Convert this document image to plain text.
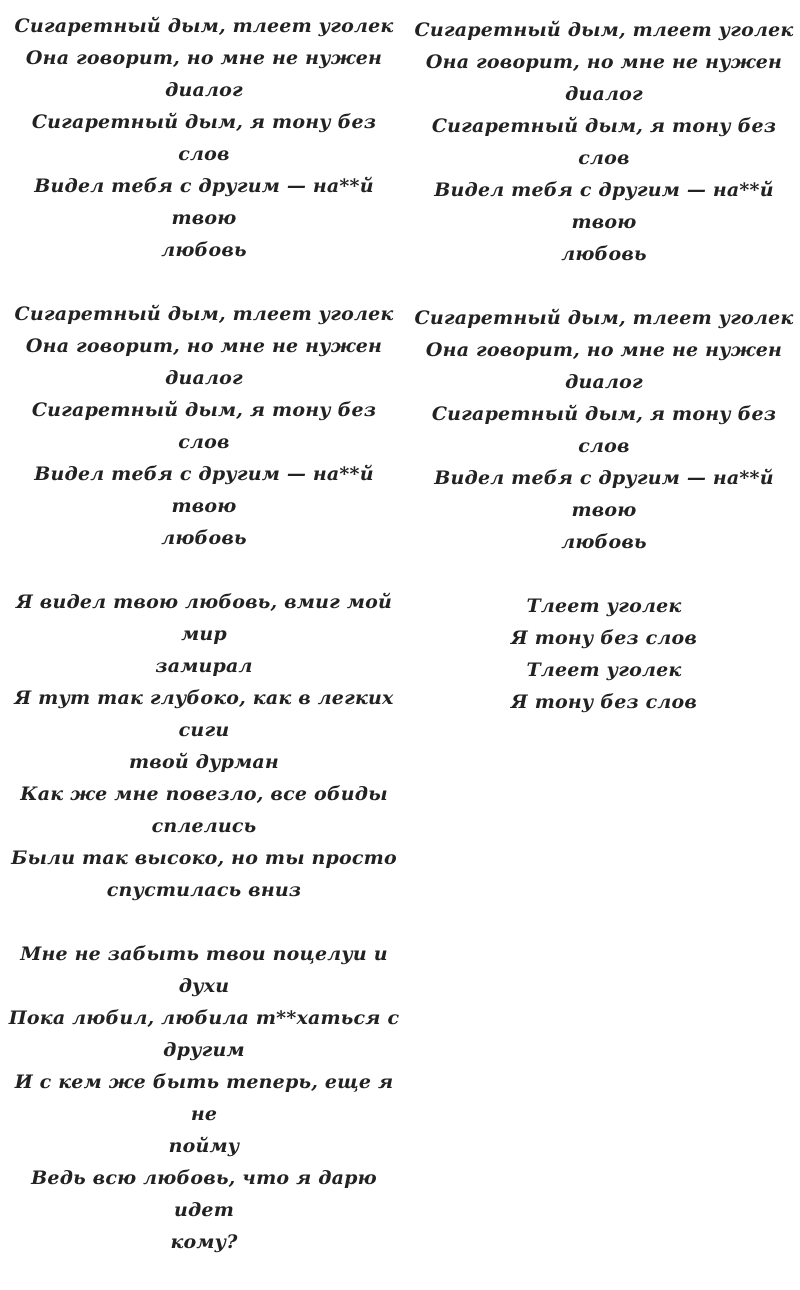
Сигаретный дым, тлеет уголек
Она говорит, но мне не нужен диалог
Сигаретный дым, я тону без слов
Видел тебя с другим — на**й твою
любовь
Сигаретный дым, тлеет уголек
Она говорит, но мне не нужен диалог
Сигаретный дым, я тону без слов
Видел тебя с другим — на**й твою
любовь
Я видел твою любовь, вмиг мой мир
замирал
Я тут так глубоко, как в легких сиги
твой дурман
Как же мне повезло, все обиды
сплелись
Были так высоко, но ты просто
спустилась вниз
Мне не забыть твои поцелуи и духи
Пока любил, любила т**хаться с
другим
И с кем же быть теперь, еще я не
пойму
Ведь всю любовь, что я дарю идет
кому?
Сигаретный дым, тлеет уголек
Она говорит, но мне не нужен
диалог
Сигаретный дым, я тону без слов
Видел тебя с другим — на**й твою
любовь
Сигаретный дым, тлеет уголек
Она говорит, но мне не нужен
диалог
Сигаретный дым, я тону без слов
Видел тебя с другим — на**й твою
любовь
Тлеет уголек
Я тону без слов
Тлеет уголек
Я тону без слов
